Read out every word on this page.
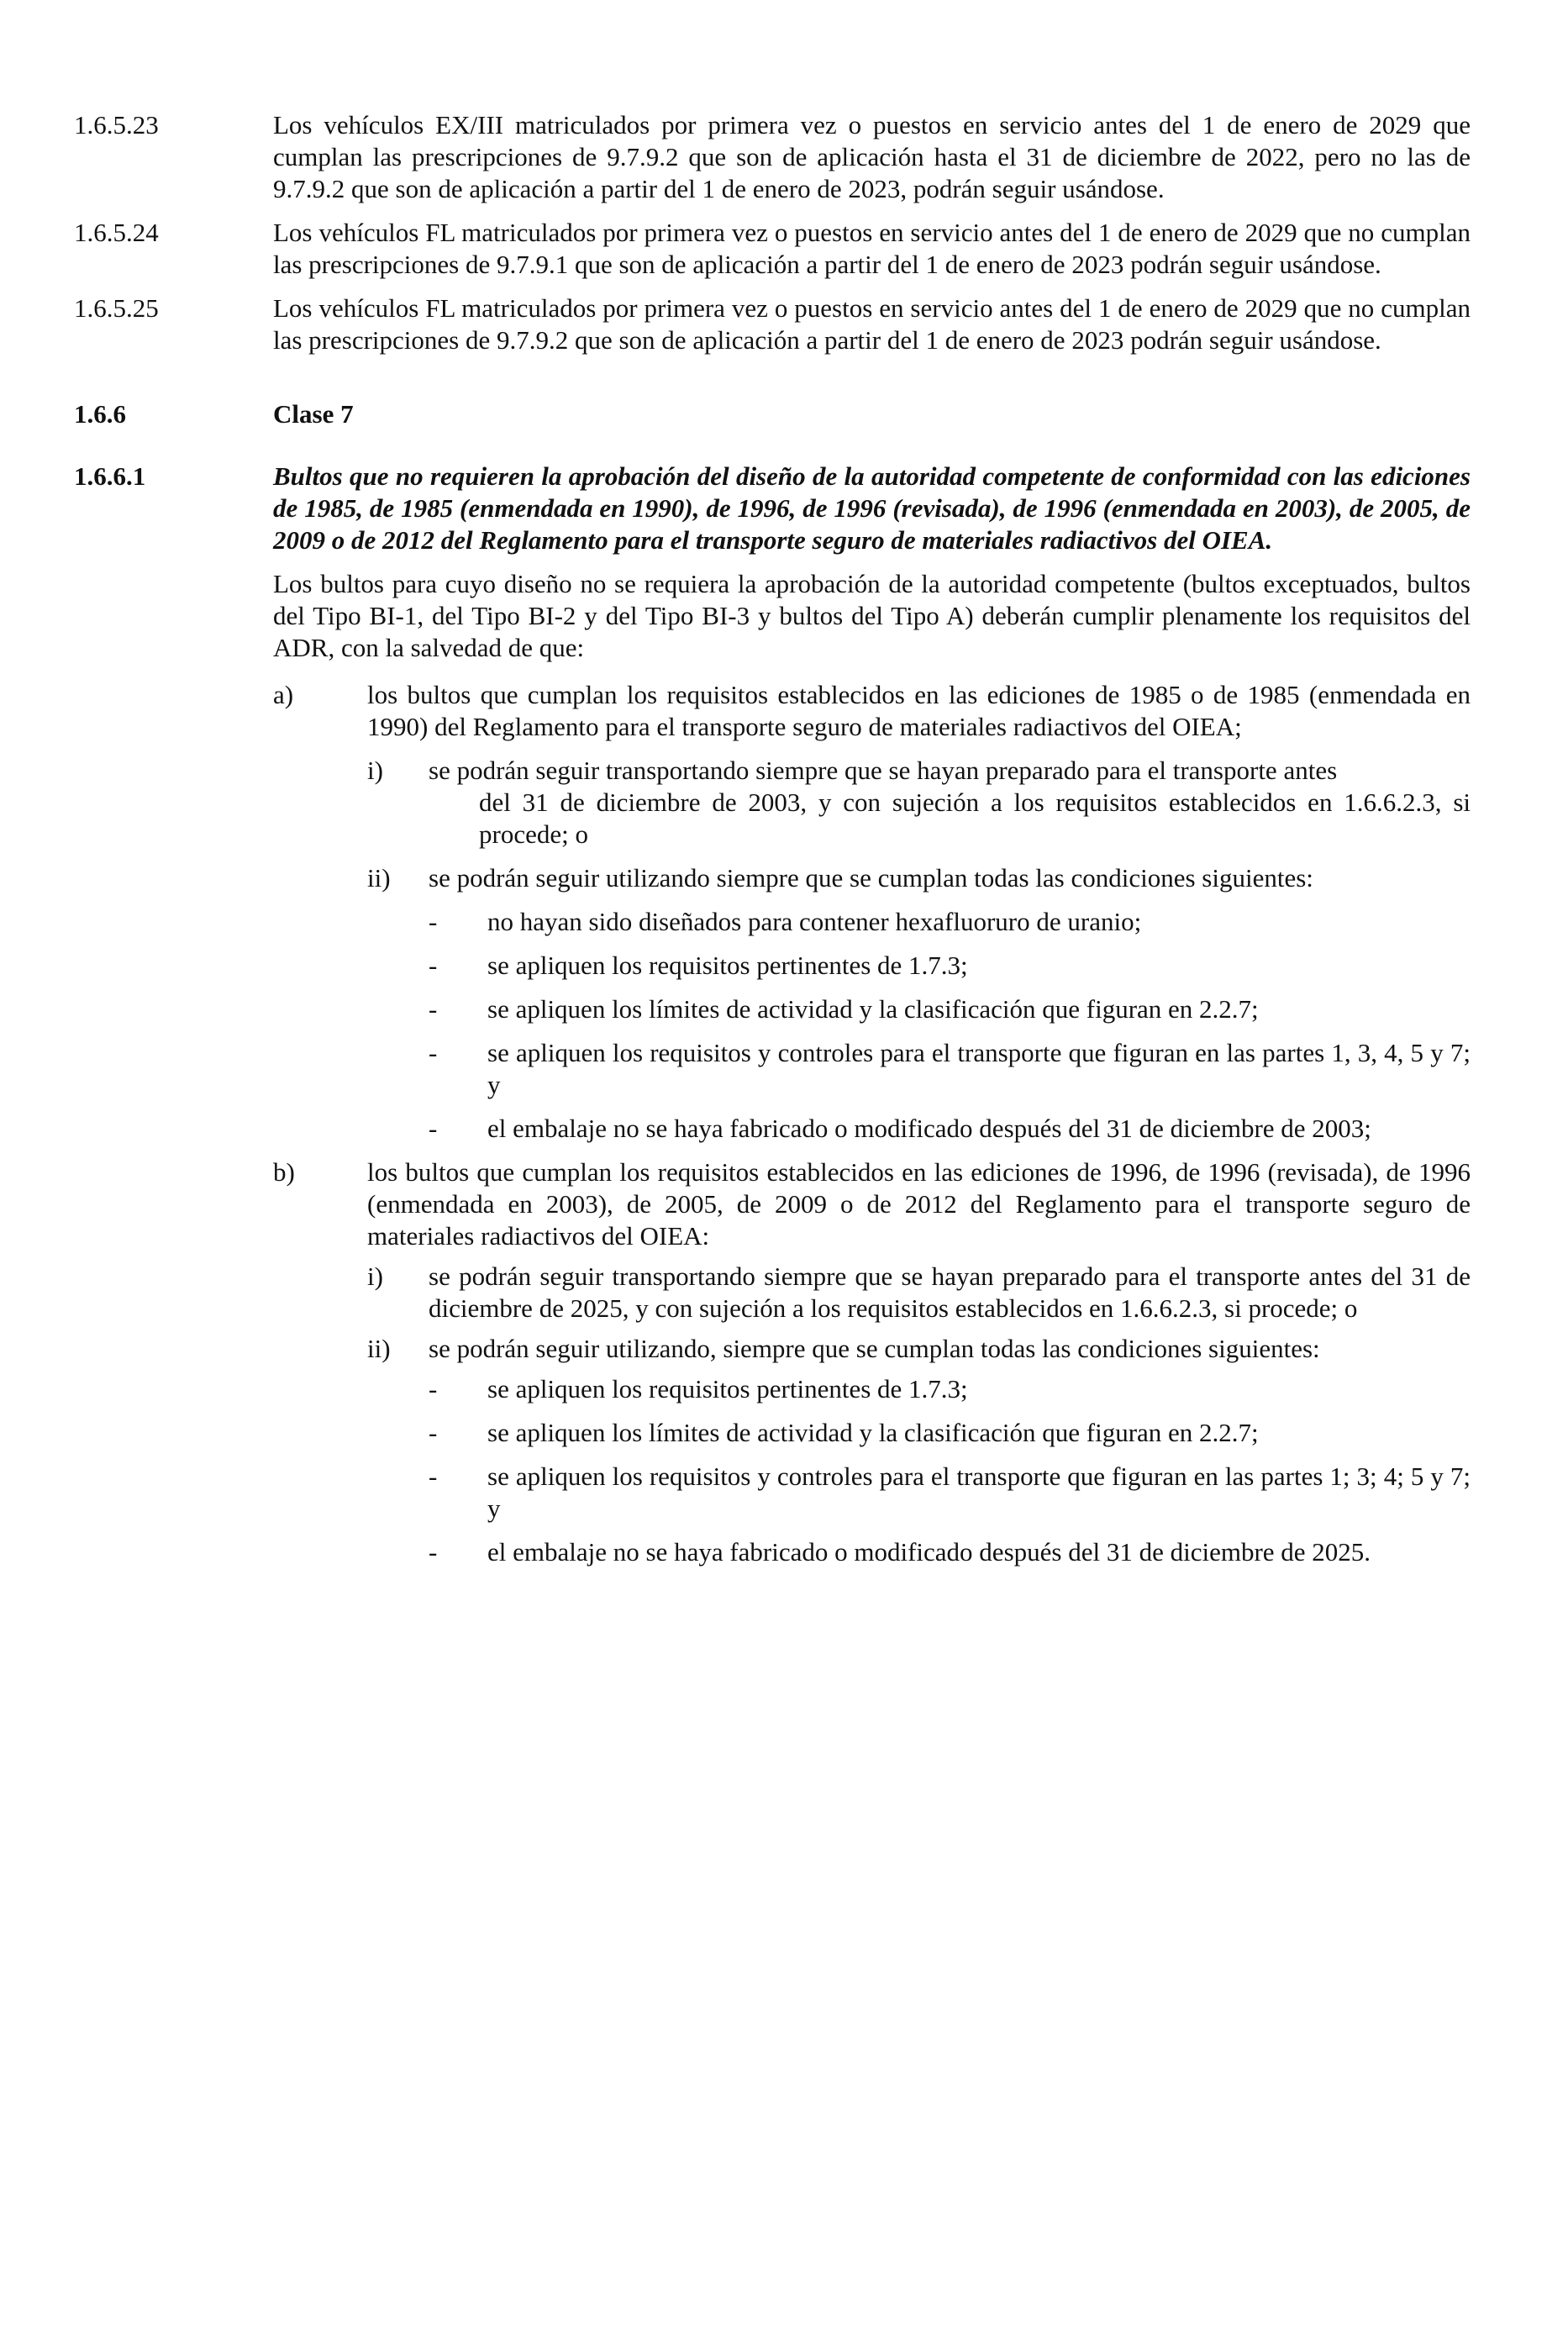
1.6.5.23	Los vehículos EX/III matriculados por primera vez o puestos en servicio antes del 1 de enero de 2029 que cumplan las prescripciones de 9.7.9.2 que son de aplicación hasta el 31 de diciembre de 2022, pero no las de 9.7.9.2 que son de aplicación a partir del 1 de enero de 2023, podrán seguir usándose.
1.6.5.24	Los vehículos FL matriculados por primera vez o puestos en servicio antes del 1 de enero de 2029 que no cumplan las prescripciones de 9.7.9.1 que son de aplicación a partir del 1 de enero de 2023 podrán seguir usándose.
1.6.5.25	Los vehículos FL matriculados por primera vez o puestos en servicio antes del 1 de enero de 2029 que no cumplan las prescripciones de 9.7.9.2 que son de aplicación a partir del 1 de enero de 2023 podrán seguir usándose.
1.6.6	Clase 7
1.6.6.1	Bultos que no requieren la aprobación del diseño de la autoridad competente de conformidad con las ediciones de 1985, de 1985 (enmendada en 1990), de 1996, de 1996 (revisada), de 1996 (enmendada en 2003), de 2005, de 2009 o de 2012 del Reglamento para el transporte seguro de materiales radiactivos del OIEA.
Los bultos para cuyo diseño no se requiera la aprobación de la autoridad competente (bultos exceptuados, bultos del Tipo BI-1, del Tipo BI-2 y del Tipo BI-3 y bultos del Tipo A) deberán cumplir plenamente los requisitos del ADR, con la salvedad de que:
a)	los bultos que cumplan los requisitos establecidos en las ediciones de 1985 o de 1985 (enmendada en 1990) del Reglamento para el transporte seguro de materiales radiactivos del OIEA;
i) se podrán seguir transportando siempre que se hayan preparado para el transporte antes
del 31 de diciembre de 2003, y con sujeción a los requisitos establecidos en 1.6.6.2.3, si procede; o
ii) se podrán seguir utilizando siempre que se cumplan todas las condiciones siguientes:
- no hayan sido diseñados para contener hexafluoruro de uranio;
- se apliquen los requisitos pertinentes de 1.7.3;
- se apliquen los límites de actividad y la clasificación que figuran en 2.2.7;
- se apliquen los requisitos y controles para el transporte que figuran en las partes 1, 3, 4, 5 y 7; y
- el embalaje no se haya fabricado o modificado después del 31 de diciembre de 2003;
b)	los bultos que cumplan los requisitos establecidos en las ediciones de 1996, de 1996 (revisada), de 1996 (enmendada en 2003), de 2005, de 2009 o de 2012 del Reglamento para el transporte seguro de materiales radiactivos del OIEA:
i) se podrán seguir transportando siempre que se hayan preparado para el transporte antes del 31 de diciembre de 2025, y con sujeción a los requisitos establecidos en 1.6.6.2.3, si procede; o
ii) se podrán seguir utilizando, siempre que se cumplan todas las condiciones siguientes:
- se apliquen los requisitos pertinentes de 1.7.3;
- se apliquen los límites de actividad y la clasificación que figuran en 2.2.7;
- se apliquen los requisitos y controles para el transporte que figuran en las partes 1; 3; 4; 5 y 7; y
- el embalaje no se haya fabricado o modificado después del 31 de diciembre de 2025.
